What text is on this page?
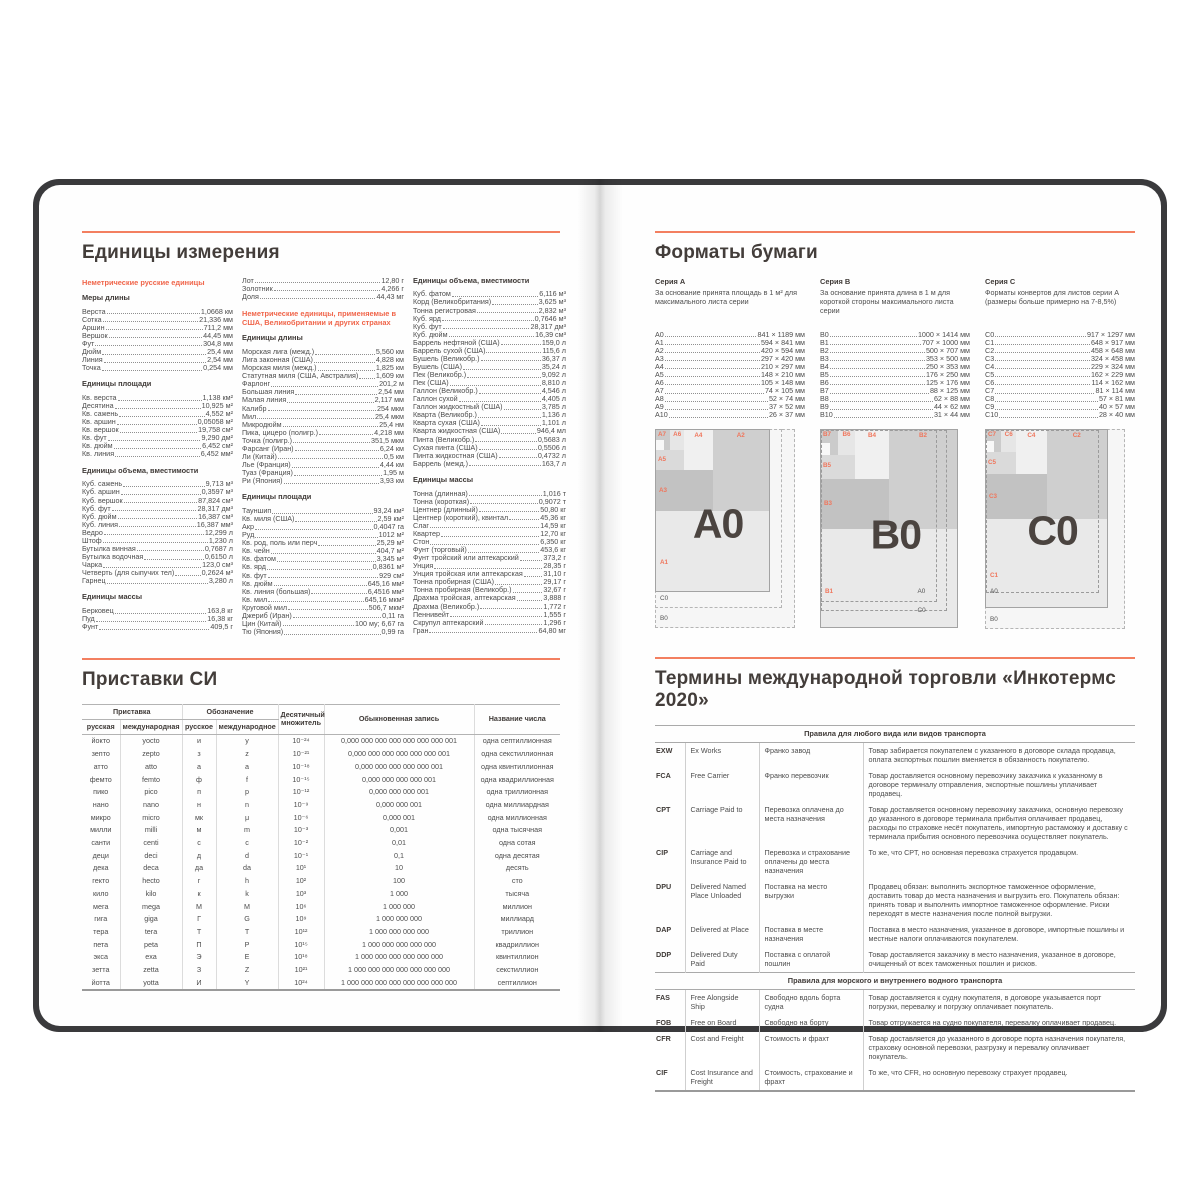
Единицы измерения
Неметрические русские единицы
Меры длины
Верста	1,0668 км
Сотка	21,336 мм
Аршин	711,2 мм
Вершок	44,45 мм
Фут	304,8 мм
Дюйм	25,4 мм
Линия	2,54 мм
Точка	0,254 мм
Единицы площади
Кв. верста	1,138 км²
Десятина	10,925 м²
Кв. сажень	4,552 м²
Кв. аршин	0,05058 м²
Кв. вершок	19,758 см²
Кв. фут	9,290 дм²
Кв. дюйм	6,452 см²
Кв. линия	6,452 мм²
Единицы объема, вместимости
Куб. сажень	9,713 м³
Куб. аршин	0,3597 м³
Куб. вершок	87,824 см³
Куб. фут	28,317 дм³
Куб. дюйм	16,387 см³
Куб. линия	16,387 мм³
Ведро	12,299 л
Штоф	1,230 л
Бутылка винная	0,7687 л
Бутылка водочная	0,6150 л
Чарка	123,0 см³
Четверть (для сыпучих тел)	0,2624 м³
Гарнец	3,280 л
Единицы массы
Берковец	163,8 кг
Пуд	16,38 кг
Фунт	409,5 г
Лот	12,80 г
Золотник	4,266 г
Доля	44,43 мг
Неметрические единицы, применяемые в США, Великобритании и других странах
Единицы длины
Морская лига (межд.)	5,560 км
Лига законная (США)	4,828 км
Морская миля (межд.)	1,825 км
Статутная миля (США, Австралия) 1,609 км
Фарлонг	201,2 м
Большая линия	2,54 мм
Малая линия	2,117 мм
Калибр	254 мкм
Мил	25,4 мкм
Микродюйм	25,4 нм
Пика, цицеро (полигр.)	4,218 мм
Точка (полигр.)	351,5 мкм
Фарсанг (Иран)	6,24 км
Ли (Китай)	0,5 км
Лье (Франция)	4,44 км
Туаз (Франция)	1,95 м
Ри (Япония)	3,93 км
Единицы площади
Тауншип	93,24 км²
Кв. миля (США)	2,59 км²
Акр	0,4047 га
Руд	1012 м²
Кв. род, поль или перч	25,29 м²
Кв. чейн	404,7 м²
Кв. фатом	3,345 м²
Кв. ярд	0,8361 м²
Кв. фут	929 см²
Кв. дюйм	645,16 мм²
Кв. линия (большая)	6,4516 мм²
Кв. мил	645,16 мкм²
Круговой мил	506,7 мкм²
Джериб (Иран)	0,11 га
Цин (Китай)	100 му; 6,67 га
Тю (Япония)	0,99 га
Единицы объема, вместимости
Куб. фатом	6,116 м³
Корд (Великобритания)	3,625 м³
Тонна регистровая	2,832 м³
Куб. ярд	0,7646 м³
Куб. фут	28,317 дм³
Куб. дюйм	16,39 см³
Баррель нефтяной (США)	159,0 л
Баррель сухой (США)	115,6 л
Бушель (Великобр.)	36,37 л
Бушель (США)	35,24 л
Пек (Великобр.)	9,092 л
Пек (США)	8,810 л
Галлон (Великобр.)	4,546 л
Галлон сухой	4,405 л
Галлон жидкостный (США)	3,785 л
Кварта (Великобр.)	1,136 л
Кварта сухая (США)	1,101 л
Кварта жидкостная (США)	946,4 мл
Пинта (Великобр.)	0,5683 л
Сухая пинта (США)	0,5506 л
Пинта жидкостная (США)	0,4732 л
Баррель (межд.)	163,7 л
Единицы массы
Тонна (длинная)	1,016 т
Тонна (короткая)	0,9072 т
Центнер (длинный)	50,80 кг
Центнер (короткий), квинтал	45,36 кг
Слаг	14,59 кг
Квартер	12,70 кг
Стон	6,350 кг
Фунт (торговый)	453,6 кг
Фунт тройский или аптекарский	373,2 г
Унция	28,35 г
Унция тройская или аптекарская	31,10 г
Тонна пробирная (США)	29,17 г
Тонна пробирная (Великобр.)	32,67 г
Драхма тройская, аптекарская	3,888 г
Драхма (Великобр.)	1,772 г
Пеннивейт	1,555 г
Скрупул аптекарский	1,296 г
Гран	64,80 мг
Приставки СИ
Приставка		Обозначение		Десятичный множитель	Обыкновенная запись	Название числа
русская	международная	русское	международное			
йокто	yocto	и	y	10⁻²⁴	0,000 000 000 000 000 000 000 001	одна септиллионная
зепто	zepto	з	z	10⁻²¹	0,000 000 000 000 000 000 001	одна секстиллионная
атто	atto	а	a	10⁻¹⁸	0,000 000 000 000 000 001	одна квинтиллионная
фемто	femto	ф	f	10⁻¹⁵	0,000 000 000 000 001	одна квадриллионная
пико	pico	п	p	10⁻¹²	0,000 000 000 001	одна триллионная
нано	nano	н	n	10⁻⁹	0,000 000 001	одна миллиардная
микро	micro	мк	μ	10⁻⁶	0,000 001	одна миллионная
милли	milli	м	m	10⁻³	0,001	одна тысячная
санти	centi	с	c	10⁻²	0,01	одна сотая
деци	deci	д	d	10⁻¹	0,1	одна десятая
дека	deca	да	da	10¹	10	десять
гекто	hecto	г	h	10²	100	сто
кило	kilo	к	k	10³	1 000	тысяча
мега	mega	М	M	10⁶	1 000 000	миллион
гига	giga	Г	G	10⁹	1 000 000 000	миллиард
тера	tera	Т	T	10¹²	1 000 000 000 000	триллион
пета	peta	П	P	10¹⁵	1 000 000 000 000 000	квадриллион
экса	exa	Э	E	10¹⁸	1 000 000 000 000 000 000	квинтиллион
зетта	zetta	З	Z	10²¹	1 000 000 000 000 000 000 000	секстиллион
йотта	yotta	И	Y	10²⁴	1 000 000 000 000 000 000 000 000	септиллион
Форматы бумаги
Серия A
За основание принята площадь в 1 м² для максимального листа серии
A0	841 × 1189 мм
A1	594 × 841 мм
A2	420 × 594 мм
A3	297 × 420 мм
A4	210 × 297 мм
A5	148 × 210 мм
A6	105 × 148 мм
A7	74 × 105 мм
A8	52 × 74 мм
A9	37 × 52 мм
A10	26 × 37 мм
Серия B
За основание принята длина в 1 м для короткой стороны максимального листа серии
B0	1000 × 1414 мм
B1	707 × 1000 мм
B2	500 × 707 мм
B3	353 × 500 мм
B4	250 × 353 мм
B5	176 × 250 мм
B6	125 × 176 мм
B7	88 × 125 мм
B8	62 × 88 мм
B9	44 × 62 мм
B10	31 × 44 мм
Серия C
Форматы конвертов для листов серии A (размеры больше примерно на 7-8,5%)
C0	917 × 1297 мм
C1	648 × 917 мм
C2	458 × 648 мм
C3	324 × 458 мм
C4	229 × 324 мм
C5	162 × 229 мм
C6	114 × 162 мм
C7	81 × 114 мм
C8	57 × 81 мм
C9	40 × 57 мм
C10	28 × 40 мм
A1
A2
A3
A4
A5
A6
A7
A0
C0
B0
B1
B2
B3
B4
B5
B6
B7
B0
A0
C0
C1
C2
C3
C4
C5
C6
C7
C0
A0
B0
Термины международной торговли «Инкотермс 2020»
Правила для любого вида или видов транспорта			
EXW	Ex Works	Франко завод	Товар забирается покупателем с указанного в договоре склада продавца, оплата экспортных пошлин вменяется в обязанность покупателю.
FCA	Free Carrier	Франко перевозчик	Товар доставляется основному перевозчику заказчика к указанному в договоре терминалу отправления, экспортные пошлины уплачивает продавец.
CPT	Carriage Paid to	Перевозка оплачена до места назначения	Товар доставляется основному перевозчику заказчика, основную перевозку до указанного в договоре терминала прибытия оплачивает продавец, расходы по страховке несёт покупатель, импортную растаможку и доставку с терминала прибытия основного перевозчика осуществляет покупатель.
CIP	Carriage and Insurance Paid to	Перевозка и страхование оплачены до места назначения	То же, что CPT, но основная перевозка страхуется продавцом.
DPU	Delivered Named Place Unloaded	Поставка на место выгрузки	Продавец обязан: выполнить экспортное таможенное оформление, доставить товар до места назначения и выгрузить его. Покупатель обязан: принять товар и выполнить импортное таможенное оформление. Риски переходят в месте назначения после полной выгрузки.
DAP	Delivered at Place	Поставка в месте назначения	Поставка в место назначения, указанное в договоре, импортные пошлины и местные налоги оплачиваются покупателем.
DDP	Delivered Duty Paid	Поставка с оплатой пошлин	Товар доставляется заказчику в место назначения, указанное в договоре, очищенный от всех таможенных пошлин и рисков.
Правила для морского и внутреннего водного транспорта			
FAS	Free Alongside Ship	Свободно вдоль борта судна	Товар доставляется к судну покупателя, в договоре указывается порт погрузки, перевалку и погрузку оплачивает покупатель.
FOB	Free on Board	Свободно на борту	Товар отгружается на судно покупателя, перевалку оплачивает продавец.
CFR	Cost and Freight	Стоимость и фрахт	Товар доставляется до указанного в договоре порта назначения покупателя, страховку основной перевозки, разгрузку и перевалку оплачивает покупатель.
CIF	Cost Insurance and Freight	Стоимость, страхование и фрахт	То же, что CFR, но основную перевозку страхует продавец.
